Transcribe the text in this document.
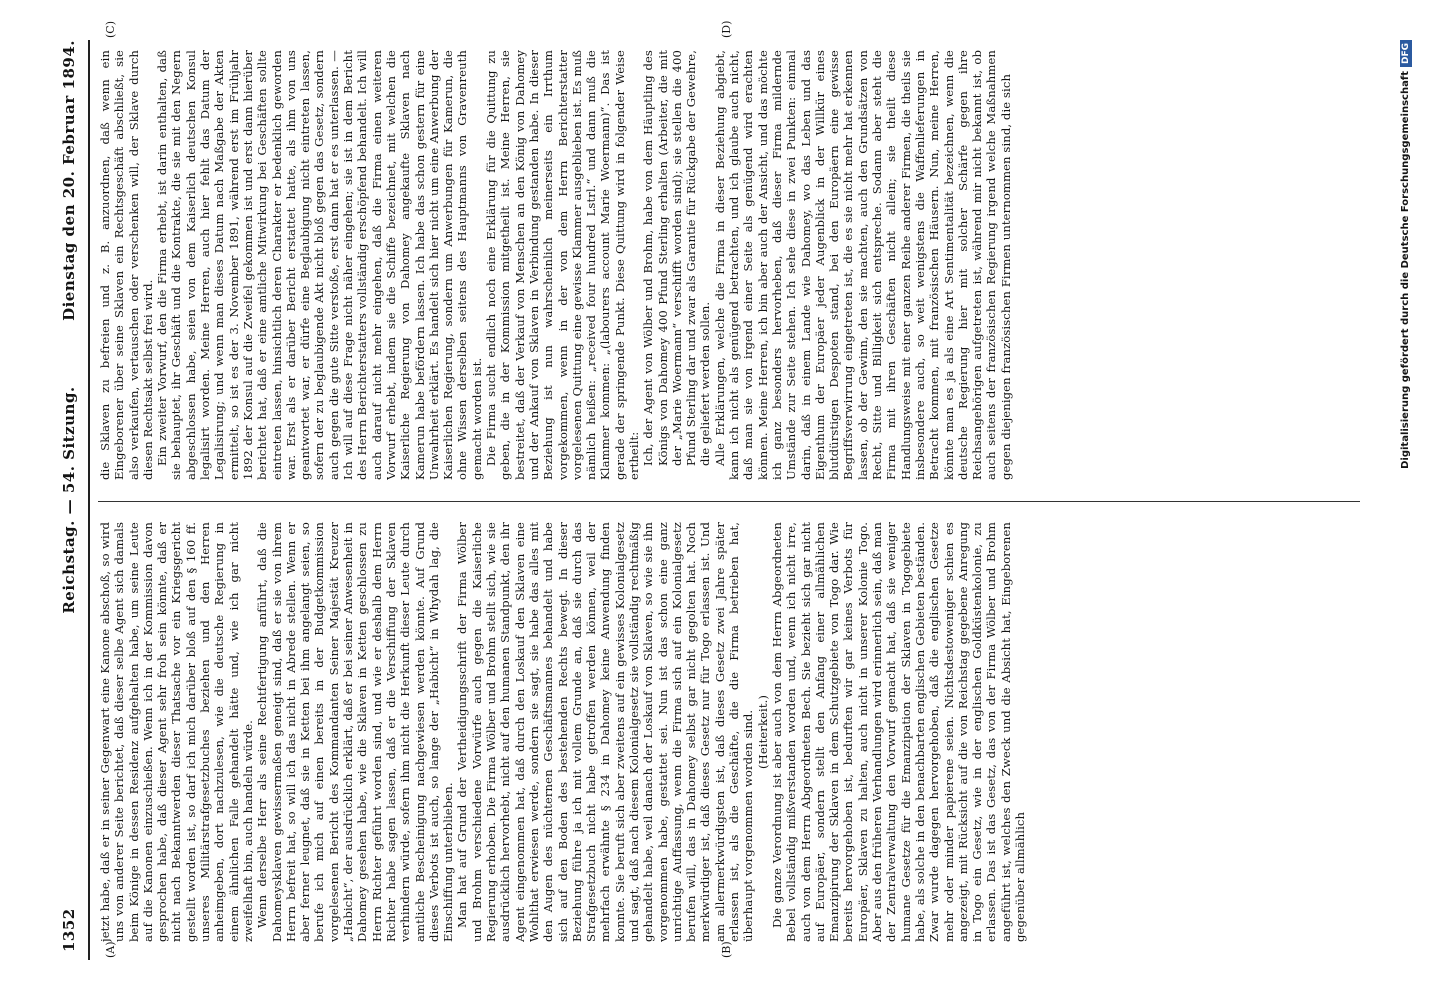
1352
Reichstag. — 54. Sitzung.
Dienstag den 20. Februar 1894.
(A)	(B)
(C)	(D)

jetzt habe, daß er in seiner Gegenwart eine Kanone abschoß, so wird uns von anderer Seite berichtet, daß dieser selbe Agent sich damals beim Könige in dessen Residenz aufgehalten habe, um seine Leute auf die Kanonen einzuschießen. Wenn ich in der Kommission davon gesprochen habe, daß dieser Agent sehr froh sein könnte, daß er nicht nach Bekanntwerden dieser Thatsache vor ein Kriegsgericht gestellt worden ist, so darf ich mich darüber bloß auf den § 160 ff. unseres Militärstrafgesetzbuches beziehen und den Herren anheimgeben, dort nachzulesen, wie die deutsche Regierung in einem ähnlichen Falle gehandelt hätte und, wie ich gar nicht zweifelhaft bin, auch handeln würde. Wenn derselbe Herr als seine Rechtfertigung anführt, daß die Dahomeysklaven gewissermaßen geneigt sind, daß er sie von ihrem Herrn befreit hat, so will ich das nicht in Abrede stellen. Wenn er aber ferner leugnet, daß sie in Ketten bei ihm angelangt seien, so berufe ich mich auf einen bereits in der Budgetkommission vorgelesenen Bericht des Kommandanten Seiner Majestät Kreuzer „Habicht“, der ausdrücklich erklärt, daß er bei seiner Anwesenheit in Dahomey gesehen habe, wie die Sklaven in Ketten geschlossen zu Herrn Richter geführt worden sind, und wie er deshalb dem Herrn Richter habe sagen lassen, daß er die Verschiffung der Sklaven verhindern würde, sofern ihm nicht die Herkunft dieser Leute durch amtliche Bescheinigung nachgewiesen werden könnte. Auf Grund dieses Verbots ist auch, so lange der „Habicht“ in Whydah lag, die Einschiffung unterblieben. Man hat auf Grund der Vertheidigungsschrift der Firma Wölber und Brohm verschiedene Vorwürfe auch gegen die Kaiserliche Regierung erhoben. Die Firma Wölber und Brohm stellt sich, wie sie ausdrücklich hervorhebt, nicht auf den humanen Standpunkt, den ihr Agent eingenommen hat, daß durch den Loskauf den Sklaven eine Wohlthat erwiesen werde, sondern sie sagt, sie habe das alles mit den Augen des nüchternen Geschäftsmannes behandelt und habe sich auf den Boden des bestehenden Rechts bewegt. In dieser Beziehung führe ja ich mit vollem Grunde an, daß sie durch das Strafgesetzbuch nicht habe getroffen werden können, weil der mehrfach erwähnte § 234 in Dahomey keine Anwendung finden konnte. Sie beruft sich aber zweitens auf ein gewisses Kolonialgesetz und sagt, daß nach diesem Kolonialgesetz sie vollständig rechtmäßig gehandelt habe, weil danach der Loskauf von Sklaven, so wie sie ihn vorgenommen habe, gestattet sei. Nun ist das schon eine ganz unrichtige Auffassung, wenn die Firma sich auf ein Kolonialgesetz berufen will, das in Dahomey selbst gar nicht gegolten hat. Noch merkwürdiger ist, daß dieses Gesetz nur für Togo erlassen ist. Und am allermerkwürdigsten ist, daß dieses Gesetz zwei Jahre später erlassen ist, als die Geschäfte, die die Firma betrieben hat, überhaupt vorgenommen worden sind. (Heiterkeit.) Die ganze Verordnung ist aber auch von dem Herrn Abgeordneten Bebel vollständig mißverstanden worden und, wenn ich nicht irre, auch von dem Herrn Abgeordneten Bech. Sie bezieht sich gar nicht auf Europäer, sondern stellt den Anfang einer allmählichen Emanzipirung der Sklaven in dem Schutzgebiete von Togo dar. Wie bereits hervorgehoben ist, bedurften wir gar keines Verbots für Europäer, Sklaven zu halten, auch nicht in unserer Kolonie Togo. Aber aus den früheren Verhandlungen wird erinnerlich sein, daß man der Zentralverwaltung den Vorwurf gemacht hat, daß sie weniger humane Gesetze für die Emanzipation der Sklaven in Togogebiete habe, als solche in den benachbarten englischen Gebieten beständen. Zwar wurde dagegen hervorgehoben, daß die englischen Gesetze mehr oder minder papierene seien. Nichtsdestoweniger schien es angezeigt, mit Rücksicht auf die von Reichstag gegebene Anregung in Togo ein Gesetz, wie in der englischen Goldküstenkolonie, zu erlassen. Das ist das Gesetz, das von der Firma Wölber und Brohm angeführt ist, welches den Zweck und die Absicht hat, Eingeborenen gegenüber allmählich

die Sklaven zu befreien und z. B. anzuordnen, daß wenn ein Eingeborener über seine Sklaven ein Rechtsgeschäft abschließt, sie also verkaufen, vertauschen oder verschenken will, der Sklave durch diesen Rechtsakt selbst frei wird. Ein zweiter Vorwurf, den die Firma erhebt, ist darin enthalten, daß sie behauptet, ihr Geschäft und die Kontrakte, die sie mit den Negern abgeschlossen habe, seien von dem Kaiserlich deutschen Konsul legalisirt worden. Meine Herren, auch hier fehlt das Datum der Legalisirung; und wenn man dieses Datum nach Maßgabe der Akten ermittelt, so ist es der 3. November 1891, während erst im Frühjahr 1892 der Konsul auf die Zweifel gekommen ist und erst dann hierüber berichtet hat, daß er eine amtliche Mitwirkung bei Geschäften sollte eintreten lassen, hinsichtlich deren Charakter er bedenklich geworden war. Erst als er darüber Bericht erstattet hatte, als ihm von uns geantwortet war, er dürfe eine Beglaubigung nicht eintreten lassen, sofern der zu beglaubigende Akt nicht bloß gegen das Gesetz, sondern auch gegen die gute Sitte verstoße, erst dann hat er es unterlassen. — Ich will auf diese Frage nicht näher eingehen; sie ist in dem Bericht des Herrn Berichterstatters vollständig erschöpfend behandelt. Ich will auch darauf nicht mehr eingehen, daß die Firma einen weiteren Vorwurf erhebt, indem sie die Schiffe bezeichnet, mit welchen die Kaiserliche Regierung von Dahomey angekaufte Sklaven nach Kamerun habe befördern lassen. Ich habe das schon gestern für eine Unwahrheit erklärt. Es handelt sich hier nicht um eine Anwerbung der Kaiserlichen Regierung, sondern um Anwerbungen für Kamerun, die ohne Wissen derselben seitens des Hauptmanns von Gravenreuth gemacht worden ist. Die Firma sucht endlich noch eine Erklärung für die Quittung zu geben, die in der Kommission mitgetheilt ist. Meine Herren, sie bestreitet, daß der Verkauf von Menschen an den König von Dahomey und der Ankauf von Sklaven in Verbindung gestanden habe. In dieser Beziehung ist nun wahrscheinlich meinerseits ein Irrthum vorgekommen, wenn in der von dem Herrn Berichterstatter vorgelesenen Quittung eine gewisse Klammer ausgeblieben ist. Es muß nämlich heißen: „received four hundred Lstrl.“ und dann muß die Klammer kommen: „(labourers account Marie Woermann)“. Das ist gerade der springende Punkt. Diese Quittung wird in folgender Weise ertheilt: Ich, der Agent von Wölber und Brohm, habe von dem Häuptling des Königs von Dahomey 400 Pfund Sterling erhalten (Arbeiter, die mit der „Marie Woermann“ verschifft worden sind); sie stellen die 400 Pfund Sterling dar und zwar als Garantie für Rückgabe der Gewehre, die geliefert werden sollen. Alle Erklärungen, welche die Firma in dieser Beziehung abgiebt, kann ich nicht als genügend betrachten, und ich glaube auch nicht, daß man sie von irgend einer Seite als genügend wird erachten können. Meine Herren, ich bin aber auch der Ansicht, und das möchte ich ganz besonders hervorheben, daß dieser Firma mildernde Umstände zur Seite stehen. Ich sehe diese in zwei Punkten: einmal darin, daß in einem Lande wie Dahomey, wo das Leben und das Eigenthum der Europäer jeder Augenblick in der Willkür eines blutdürstigen Despoten stand, bei den Europäern eine gewisse Begriffsverwirrung eingetreten ist, die es sie nicht mehr hat erkennen lassen, ob der Gewinn, den sie machten, auch den Grundsätzen von Recht, Sitte und Billigkeit sich entspreche. Sodann aber steht die Firma mit ihren Geschäften nicht allein; sie theilt diese Handlungsweise mit einer ganzen Reihe anderer Firmen, die theils sie insbesondere auch, so weit wenigstens die Waffenlieferungen in Betracht kommen, mit französischen Häusern. Nun, meine Herren, könnte man es ja als eine Art Sentimentalität bezeichnen, wenn die deutsche Regierung hier mit solcher Schärfe gegen ihre Reichsangehörigen aufgetreten ist, während mir nicht bekannt ist, ob auch seitens der französischen Regierung irgend welche Maßnahmen gegen diejenigen französischen Firmen unternommen sind, die sich	Digitalisierung gefördert durch die Deutsche ForschungsgemeinschaftDFG
